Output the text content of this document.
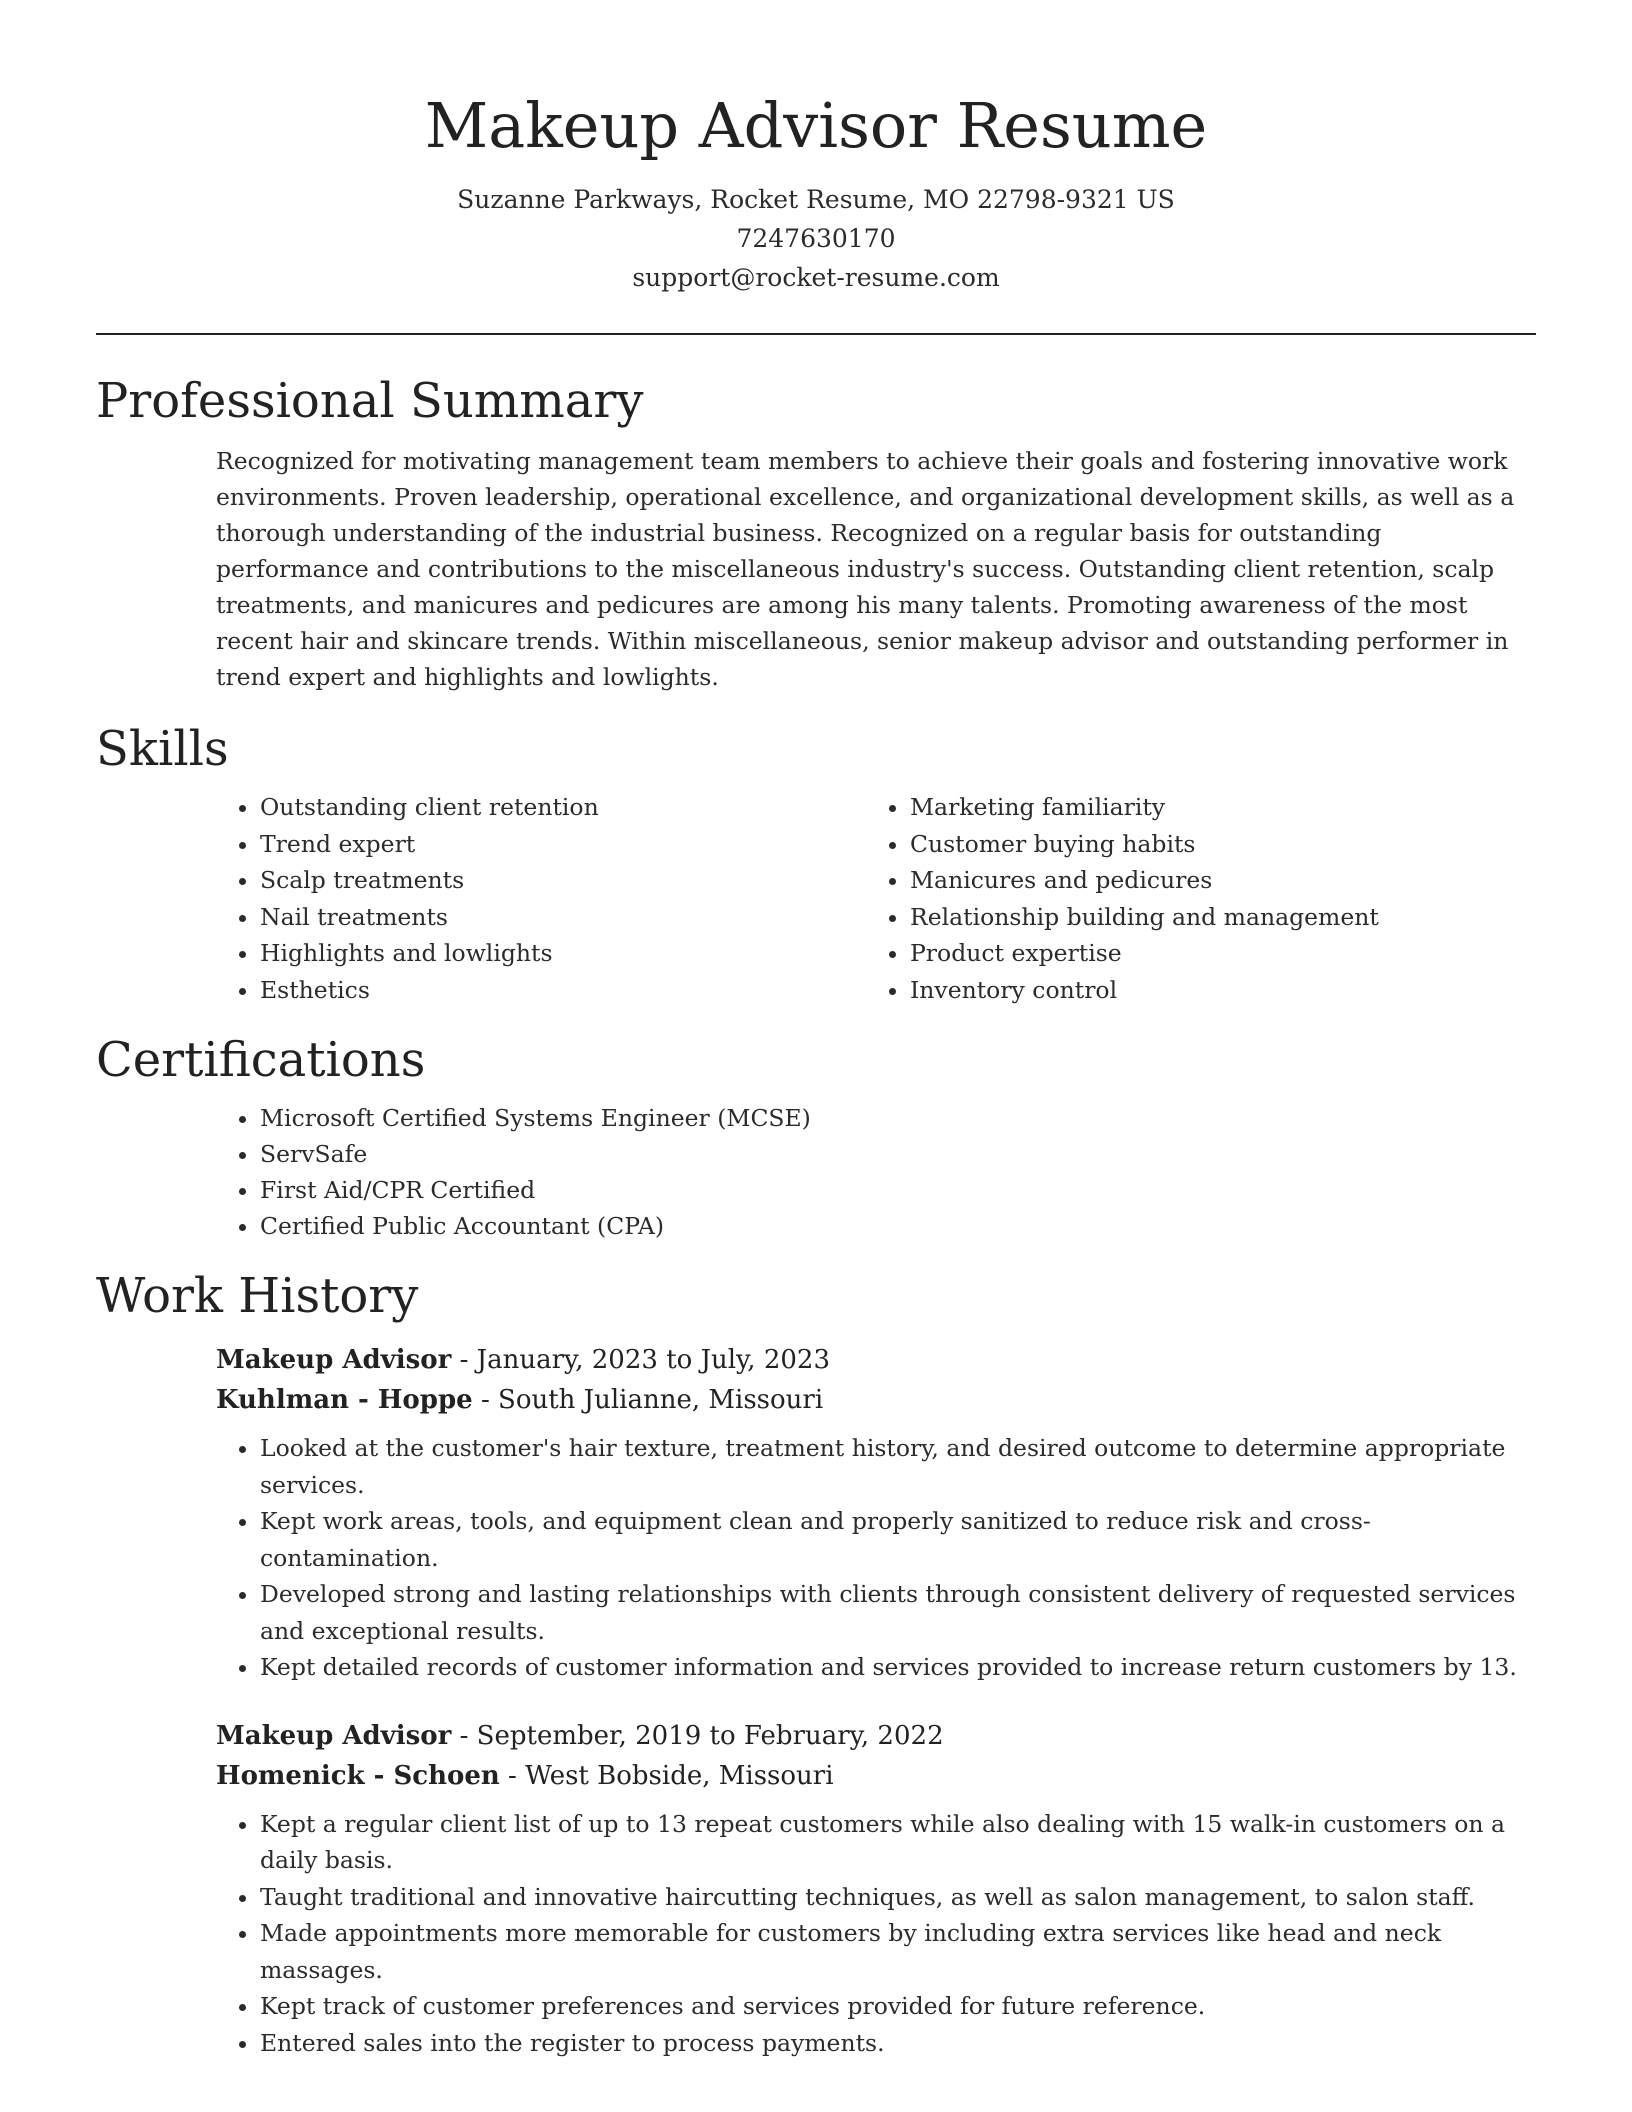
Makeup Advisor Resume
Suzanne Parkways, Rocket Resume, MO 22798-9321 US
7247630170
support@rocket-resume.com
Professional Summary

Recognized for motivating management team members to achieve their goals and fostering innovative work environments. Proven leadership, operational excellence, and organizational development skills, as well as a thorough understanding of the industrial business. Recognized on a regular basis for outstanding performance and contributions to the miscellaneous industry's success. Outstanding client retention, scalp treatments, and manicures and pedicures are among his many talents. Promoting awareness of the most recent hair and skincare trends. Within miscellaneous, senior makeup advisor and outstanding performer in trend expert and highlights and lowlights.

Skills
• Outstanding client retention
• Trend expert
• Scalp treatments
• Nail treatments
• Highlights and lowlights
• Esthetics
• Marketing familiarity
• Customer buying habits
• Manicures and pedicures
• Relationship building and management
• Product expertise
• Inventory control
Certifications
• Microsoft Certified Systems Engineer (MCSE)
• ServSafe
• First Aid/CPR Certified
• Certified Public Accountant (CPA)
Work History
Makeup Advisor - January, 2023 to July, 2023
Kuhlman - Hoppe - South Julianne, Missouri
• Looked at the customer's hair texture, treatment history, and desired outcome to determine appropriate services.
• Kept work areas, tools, and equipment clean and properly sanitized to reduce risk and cross-contamination.
• Developed strong and lasting relationships with clients through consistent delivery of requested services and exceptional results.
• Kept detailed records of customer information and services provided to increase return customers by 13.
Makeup Advisor - September, 2019 to February, 2022
Homenick - Schoen - West Bobside, Missouri
• Kept a regular client list of up to 13 repeat customers while also dealing with 15 walk-in customers on a daily basis.
• Taught traditional and innovative haircutting techniques, as well as salon management, to salon staff.
• Made appointments more memorable for customers by including extra services like head and neck massages.
• Kept track of customer preferences and services provided for future reference.
• Entered sales into the register to process payments.
